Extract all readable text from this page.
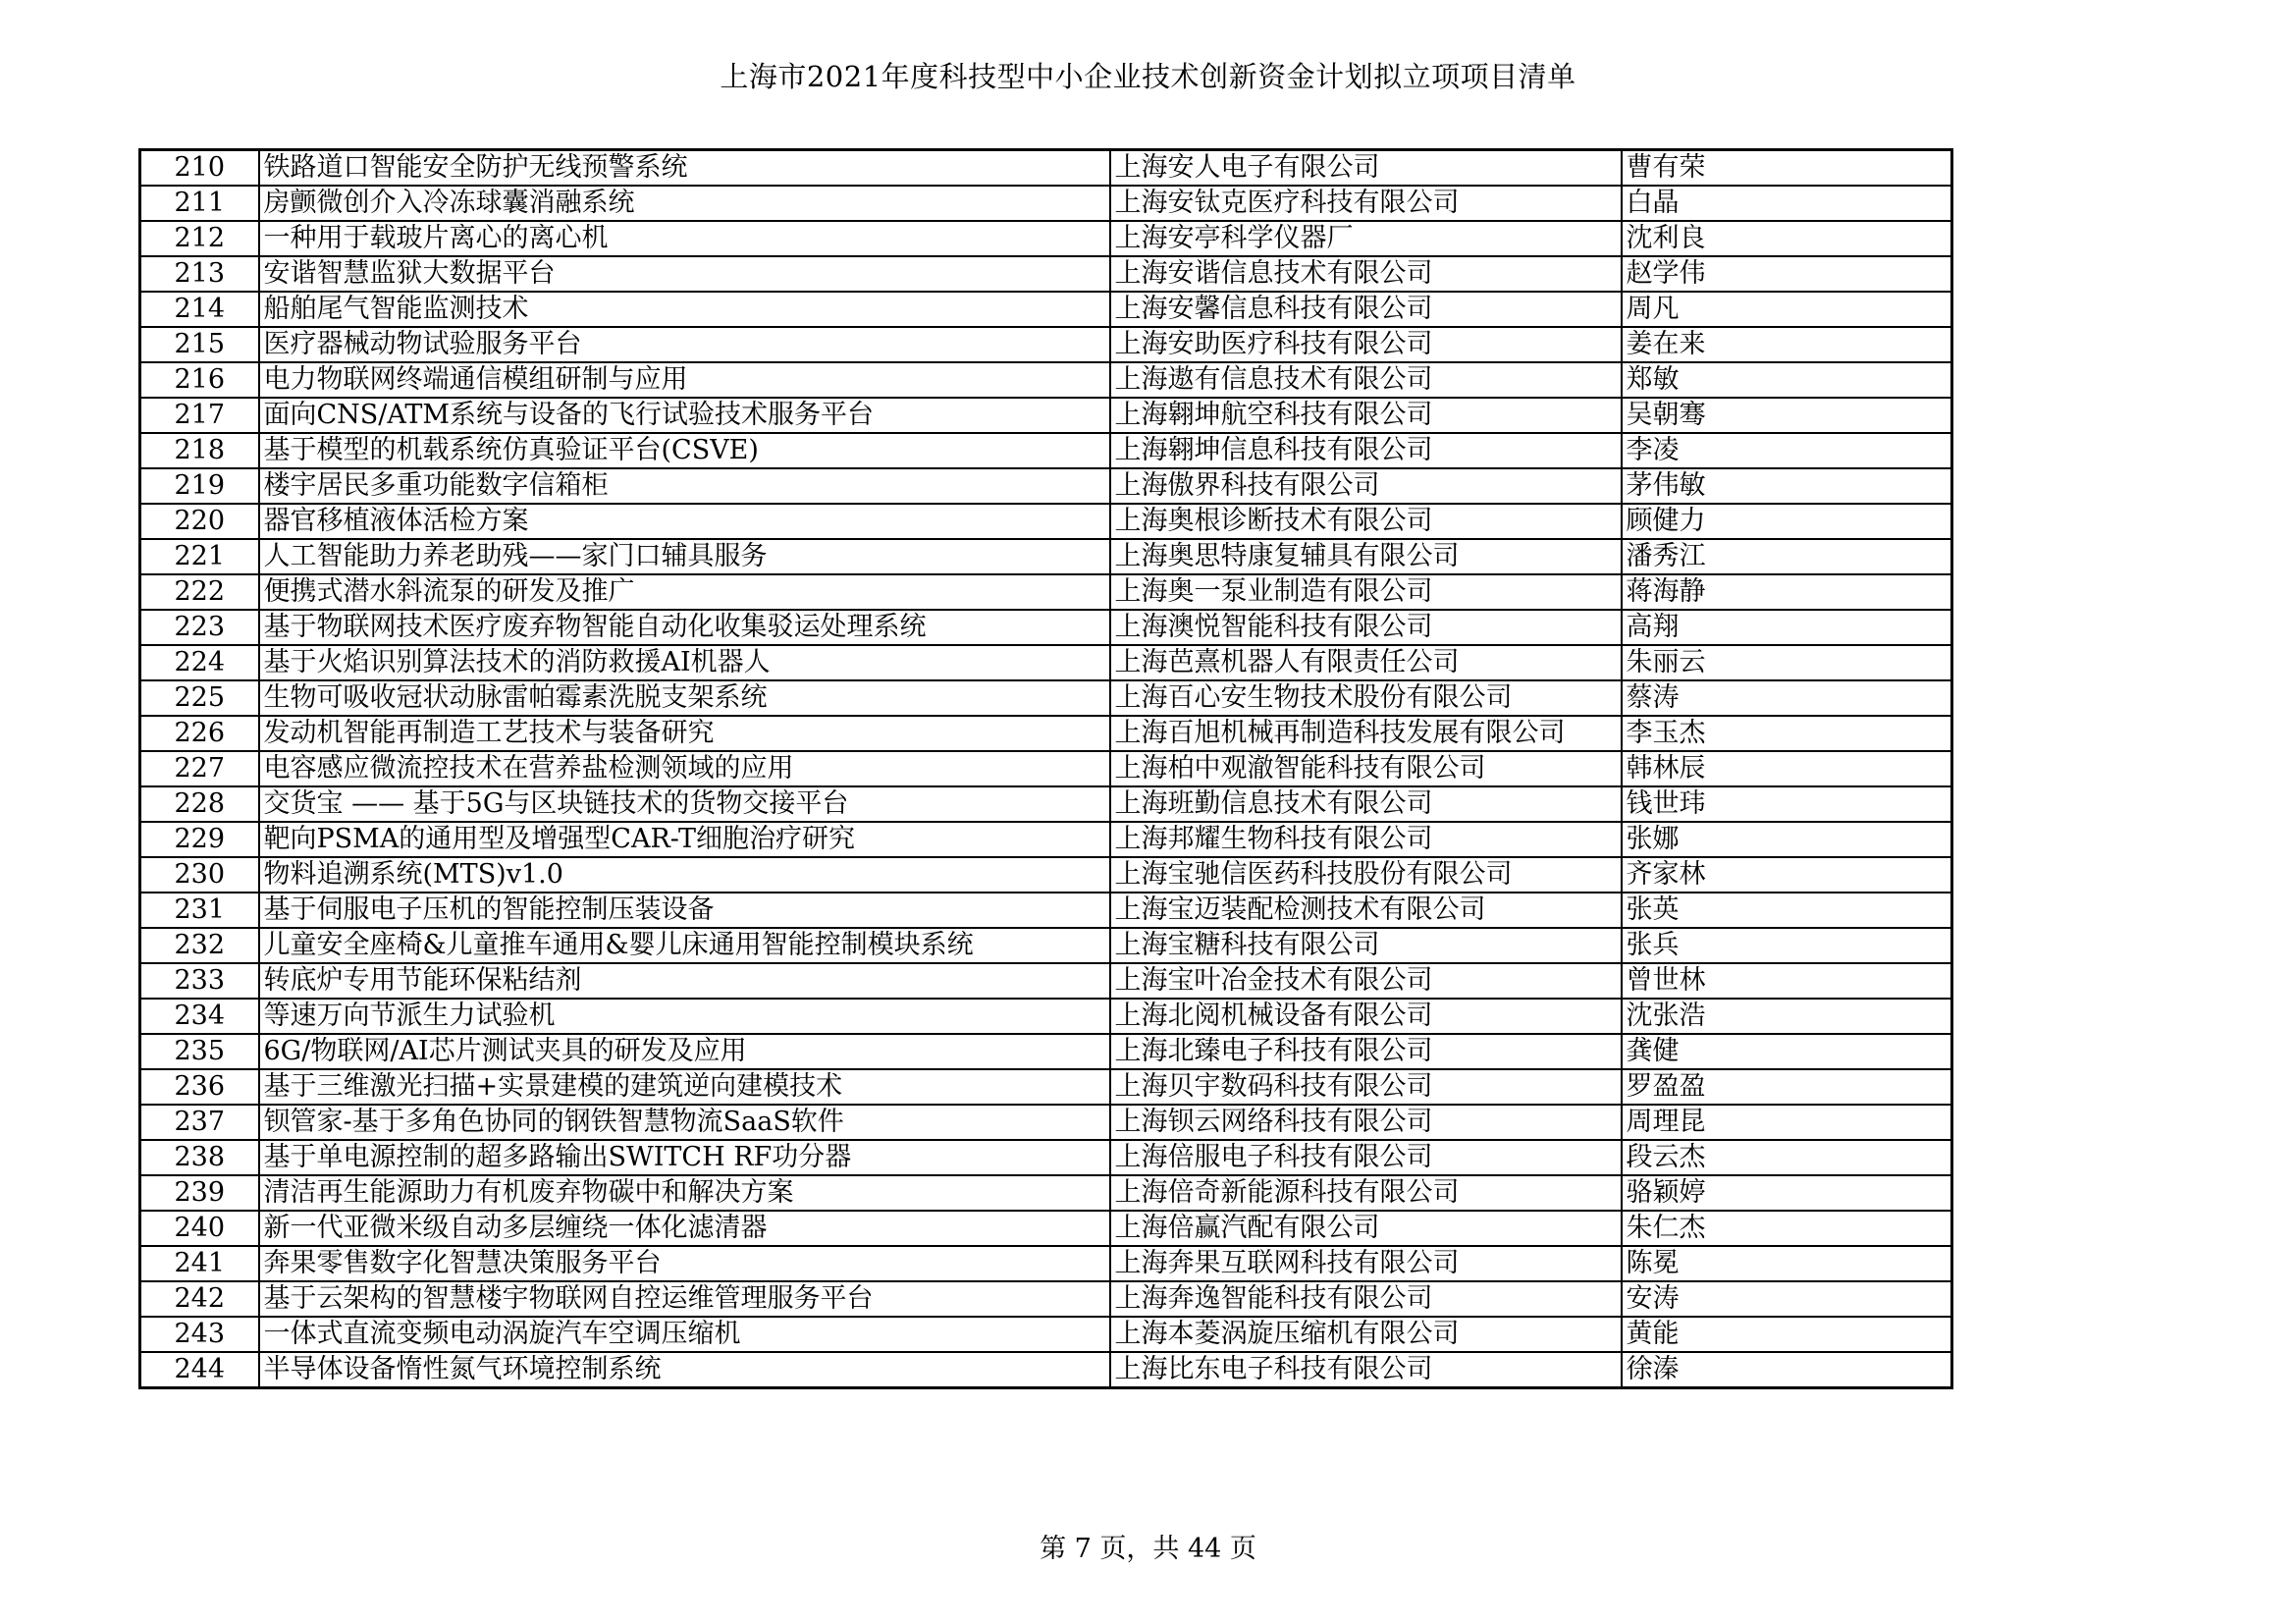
上海市2021年度科技型中小企业技术创新资金计划拟立项项目清单
210	铁路道口智能安全防护无线预警系统	上海安人电子有限公司	曹有荣
211	房颤微创介入冷冻球囊消融系统	上海安钛克医疗科技有限公司	白晶
212	一种用于载玻片离心的离心机	上海安亭科学仪器厂	沈利良
213	安谐智慧监狱大数据平台	上海安谐信息技术有限公司	赵学伟
214	船舶尾气智能监测技术	上海安馨信息科技有限公司	周凡
215	医疗器械动物试验服务平台	上海安助医疗科技有限公司	姜在来
216	电力物联网终端通信模组研制与应用	上海遨有信息技术有限公司	郑敏
217	面向CNS/ATM系统与设备的飞行试验技术服务平台	上海翱坤航空科技有限公司	吴朝骞
218	基于模型的机载系统仿真验证平台(CSVE)	上海翱坤信息科技有限公司	李凌
219	楼宇居民多重功能数字信箱柜	上海傲界科技有限公司	茅伟敏
220	器官移植液体活检方案	上海奥根诊断技术有限公司	顾健力
221	人工智能助力养老助残——家门口辅具服务	上海奥思特康复辅具有限公司	潘秀江
222	便携式潜水斜流泵的研发及推广	上海奥一泵业制造有限公司	蒋海静
223	基于物联网技术医疗废弃物智能自动化收集驳运处理系统	上海澳悦智能科技有限公司	高翔
224	基于火焰识别算法技术的消防救援AI机器人	上海芭熹机器人有限责任公司	朱丽云
225	生物可吸收冠状动脉雷帕霉素洗脱支架系统	上海百心安生物技术股份有限公司	蔡涛
226	发动机智能再制造工艺技术与装备研究	上海百旭机械再制造科技发展有限公司	李玉杰
227	电容感应微流控技术在营养盐检测领域的应用	上海柏中观澈智能科技有限公司	韩林辰
228	交货宝 —— 基于5G与区块链技术的货物交接平台	上海班勤信息技术有限公司	钱世玮
229	靶向PSMA的通用型及增强型CAR-T细胞治疗研究	上海邦耀生物科技有限公司	张娜
230	物料追溯系统(MTS)v1.0	上海宝驰信医药科技股份有限公司	齐家林
231	基于伺服电子压机的智能控制压装设备	上海宝迈装配检测技术有限公司	张英
232	儿童安全座椅&儿童推车通用&婴儿床通用智能控制模块系统	上海宝糖科技有限公司	张兵
233	转底炉专用节能环保粘结剂	上海宝叶冶金技术有限公司	曾世林
234	等速万向节派生力试验机	上海北阅机械设备有限公司	沈张浩
235	6G/物联网/AI芯片测试夹具的研发及应用	上海北臻电子科技有限公司	龚健
236	基于三维激光扫描+实景建模的建筑逆向建模技术	上海贝宇数码科技有限公司	罗盈盈
237	钡管家-基于多角色协同的钢铁智慧物流SaaS软件	上海钡云网络科技有限公司	周理昆
238	基于单电源控制的超多路输出SWITCH RF功分器	上海倍服电子科技有限公司	段云杰
239	清洁再生能源助力有机废弃物碳中和解决方案	上海倍奇新能源科技有限公司	骆颖婷
240	新一代亚微米级自动多层缠绕一体化滤清器	上海倍赢汽配有限公司	朱仁杰
241	奔果零售数字化智慧决策服务平台	上海奔果互联网科技有限公司	陈冕
242	基于云架构的智慧楼宇物联网自控运维管理服务平台	上海奔逸智能科技有限公司	安涛
243	一体式直流变频电动涡旋汽车空调压缩机	上海本菱涡旋压缩机有限公司	黄能
244	半导体设备惰性氮气环境控制系统	上海比东电子科技有限公司	徐溱
第 7 页，共 44 页
